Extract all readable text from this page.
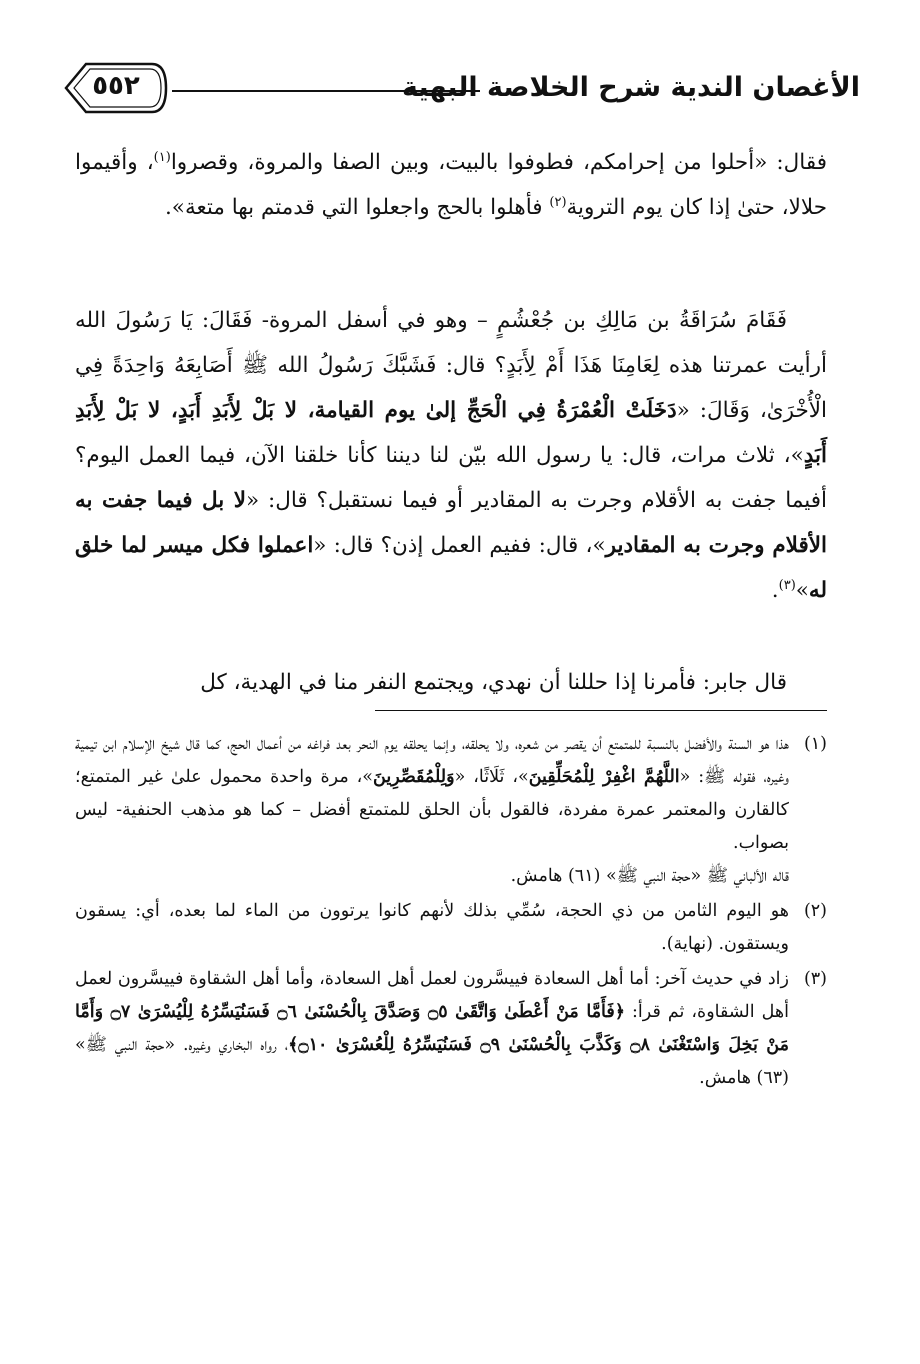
٥٥٢	الأغصان الندية شرح الخلاصة البهية

فقال: «أحلوا من إحرامكم، فطوفوا بالبيت، وبين الصفا والمروة، وقصروا$^{(١)}$، وأقيموا حلالا، حتىٰ إذا كان يوم التروية$^{(٢)}$ فأهلوا بالحج واجعلوا التي قدمتم بها متعة».

فَقَامَ سُرَاقَةُ بن مَالِكِ بن جُعْشُمٍ – وهو في أسفل المروة- فَقَالَ: يَا رَسُولَ الله أرأيت عمرتنا هذه لِعَامِنَا هَذَا أَمْ لِأَبَدٍ؟ قال: فَشَبَّكَ رَسُولُ الله ﷺ أَصَابِعَهُ وَاحِدَةً فِي الْأُخْرَىٰ، وَقَالَ: «دَخَلَتْ الْعُمْرَةُ فِي الْحَجِّ إلىٰ يوم القيامة، لا بَلْ لِأَبَدِ أَبَدٍ، لا بَلْ لِأَبَدِ أَبَدٍ»، ثلاث مرات، قال: يا رسول الله بيّن لنا ديننا كأنا خلقنا الآن، فيما العمل اليوم؟ أفيما جفت به الأقلام وجرت به المقادير أو فيما نستقبل؟ قال: «لا بل فيما جفت به الأقلام وجرت به المقادير»، قال: ففيم العمل إذن؟ قال: «اعملوا فكل ميسر لما خلق له»$^{(٣)}$.

قال جابر: فأمرنا إذا حللنا أن نهدي، ويجتمع النفر منا في الهدية، كل

(١)

هذا هو السنة والأفضل بالنسبة للمتمتع أن يقصر من شعره، ولا يحلقه، وإنما يحلقه يوم النحر بعد فراغه من أعمال الحج، كما قال شيخ الإسلام ابن تيمية وغيره، فقوله ﷺ: «اللَّهُمَّ اغْفِرْ لِلْمُحَلِّقِينَ»، ثَلَاثًا، «وَلِلْمُقَصِّرِينَ»، مرة واحدة محمول علىٰ غير المتمتع؛ كالقارن والمعتمر عمرة مفردة، فالقول بأن الحلق للمتمتع أفضل – كما هو مذهب الحنفية- ليس بصواب.

قاله الألباني ﷺ «حجة النبي ﷺ» (٦١) هامش.

(٢)

هو اليوم الثامن من ذي الحجة، سُمِّي بذلك لأنهم كانوا يرتوون من الماء لما بعده، أي: يسقون ويستقون. (نهاية).

(٣)

زاد في حديث آخر: أما أهل السعادة فييسَّرون لعمل أهل السعادة، وأما أهل الشقاوة فييسَّرون لعمل أهل الشقاوة، ثم قرأ: ﴿فَأَمَّا مَنْ أَعْطَىٰ وَاتَّقَىٰ ۝٥ وَصَدَّقَ بِالْحُسْنَىٰ ۝٦ فَسَنُيَسِّرُهُ لِلْيُسْرَىٰ ۝٧ وَأَمَّا مَنْ بَخِلَ وَاسْتَغْنَىٰ ۝٨ وَكَذَّبَ بِالْحُسْنَىٰ ۝٩ فَسَنُيَسِّرُهُ لِلْعُسْرَىٰ ۝١٠﴾، رواه البخاري وغيره. «حجة النبي ﷺ» (٦٣) هامش.
